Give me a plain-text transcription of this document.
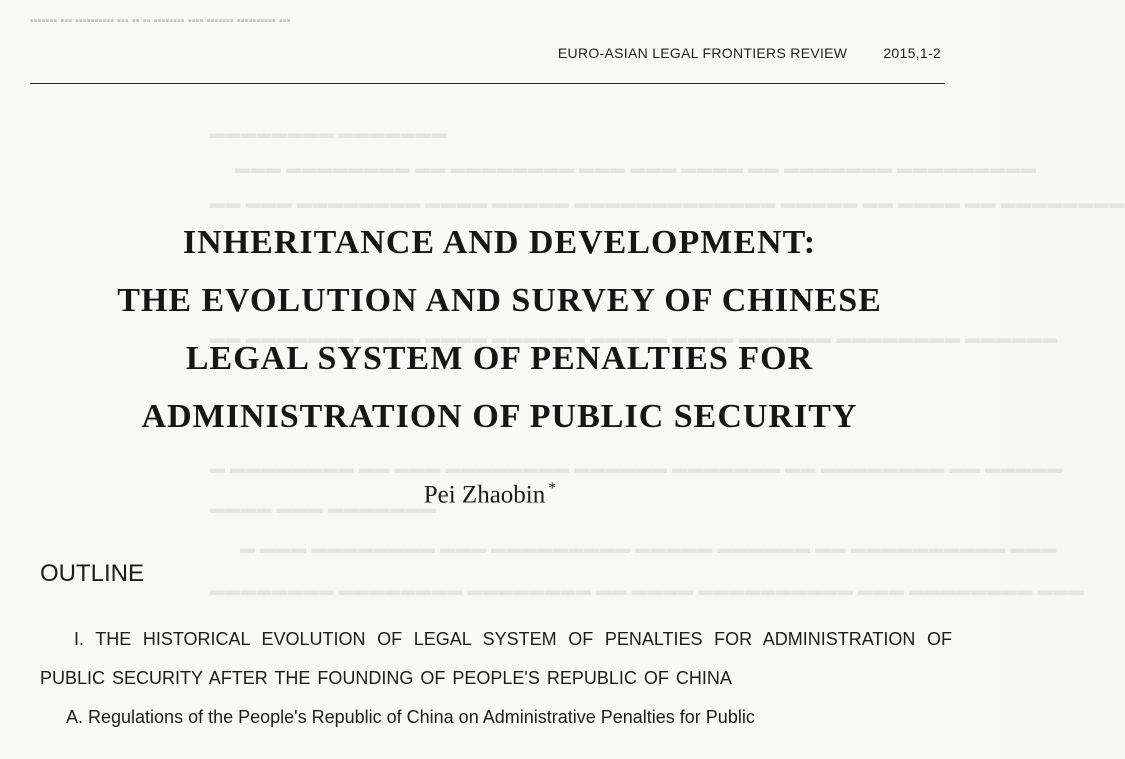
▪▪▪▪▪▪▪ ▪▪▪ ▪▪▪▪▪▪▪▪▪▪ ▪▪▪ ▪▪ ▪▪ ▪▪▪▪▪▪▪▪ ▪▪▪▪ ▪▪▪▪▪▪▪ ▪▪▪▪▪▪▪▪▪▪ ▪▪▪
▬▬▬▬▬▬▬▬ ▬▬▬▬▬▬▬
▬▬▬ ▬▬▬▬▬▬▬▬ ▬▬ ▬▬▬▬▬▬▬▬ ▬▬▬ ▬▬▬ ▬▬▬▬ ▬▬ ▬▬▬▬▬▬▬ ▬▬▬▬▬▬▬▬▬
▬▬ ▬▬▬ ▬▬▬▬▬▬▬▬ ▬▬▬▬ ▬▬▬▬▬ ▬▬▬▬▬▬▬▬▬▬▬▬▬ ▬▬▬▬▬ ▬▬ ▬▬▬▬ ▬▬ ▬▬▬▬▬▬▬▬
▬▬ ▬▬▬▬▬▬▬ ▬▬▬▬ ▬▬▬▬ ▬▬▬▬▬▬ ▬▬▬▬▬ ▬▬▬▬ ▬▬▬▬▬▬ ▬▬▬▬▬▬▬▬ ▬▬▬▬▬▬
▬ ▬▬▬▬▬▬▬▬ ▬▬ ▬▬▬ ▬▬▬▬▬▬▬▬ ▬▬▬▬▬▬ ▬▬▬▬▬▬▬ ▬▬ ▬▬▬▬▬▬▬▬ ▬▬ ▬▬▬▬▬
▬▬▬▬ ▬▬▬ ▬▬▬▬▬▬▬
▬ ▬▬▬ ▬▬▬▬▬▬▬▬ ▬▬▬ ▬▬▬▬▬▬▬▬▬ ▬▬▬▬▬ ▬▬▬▬▬▬ ▬▬ ▬▬▬▬▬▬▬▬▬▬ ▬▬▬
▬▬▬▬▬▬▬▬ ▬▬▬▬▬▬▬▬ ▬▬▬▬▬▬▬▬ ▬▬ ▬▬▬▬ ▬▬▬▬▬▬▬▬▬▬ ▬▬▬ ▬▬▬▬▬▬▬▬ ▬▬▬
EURO-ASIAN LEGAL FRONTIERS REVIEW	2015,1-2
INHERITANCE AND DEVELOPMENT:
THE EVOLUTION AND SURVEY OF CHINESE
LEGAL SYSTEM OF PENALTIES FOR
ADMINISTRATION OF PUBLIC SECURITY
Pei Zhaobin *
OUTLINE
I. THE HISTORICAL EVOLUTION OF LEGAL SYSTEM OF PENALTIES FOR ADMINISTRATION OF PUBLIC SECURITY AFTER THE FOUNDING OF PEOPLE'S REPUBLIC OF CHINA
A. Regulations of the People's Republic of China on Administrative Penalties for Public
